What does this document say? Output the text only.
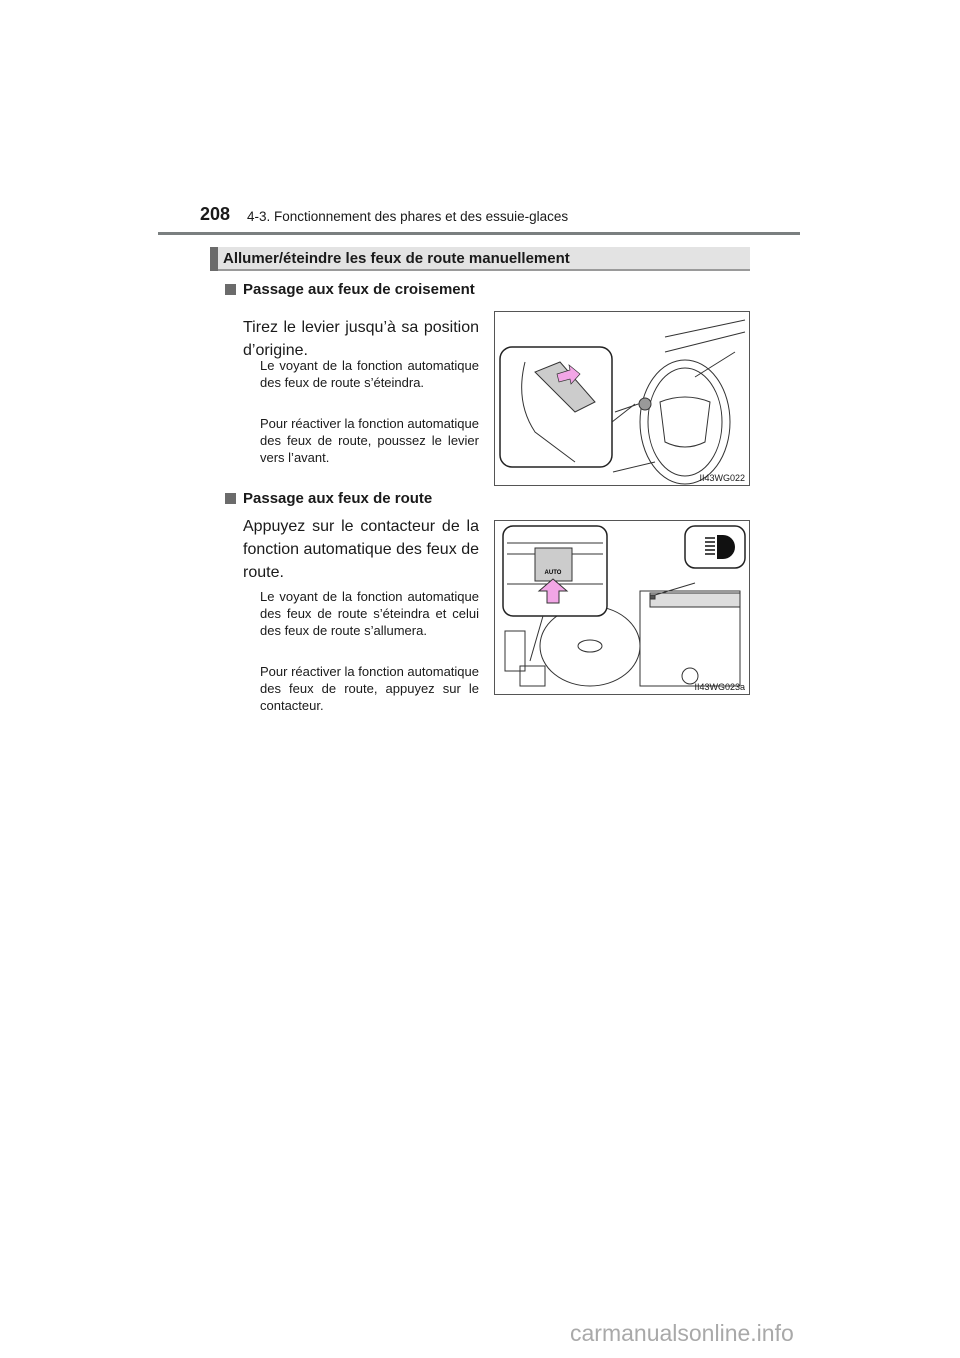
208 4-3. Fonctionnement des phares et des essuie-glaces
Allumer/éteindre les feux de route manuellement
Passage aux feux de croisement
Tirez le levier jusqu’à sa position d’origine.
Le voyant de la fonction automatique des feux de route s’éteindra.
Pour réactiver la fonction automatique des feux de route, poussez le levier vers l’avant.
II43WG022
Passage aux feux de route
Appuyez sur le contacteur de la fonction automatique des feux de route.
Le voyant de la fonction automatique des feux de route s’éteindra et celui des feux de route s’allumera.
Pour réactiver la fonction automatique des feux de route, appuyez sur le contacteur.
AUTO
II43WG023a
carmanualsonline.info
